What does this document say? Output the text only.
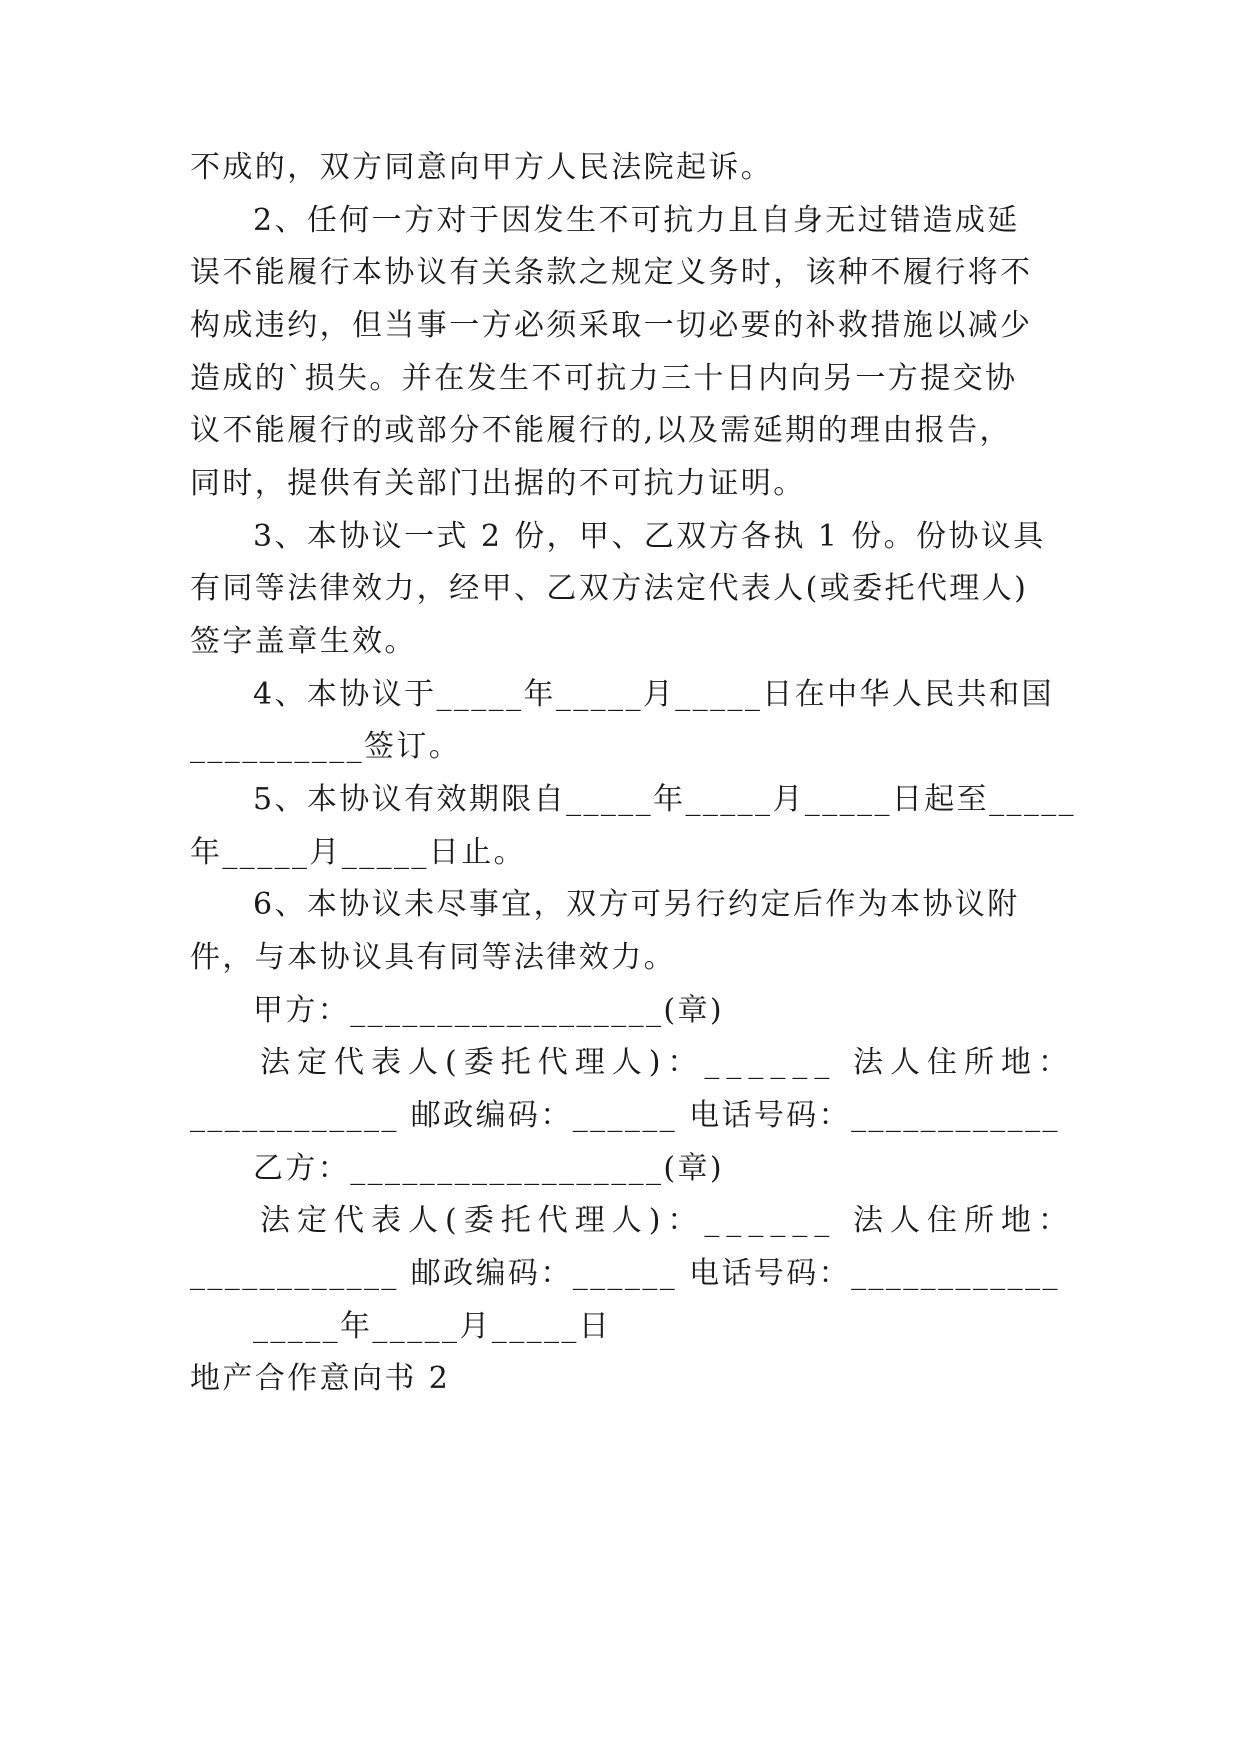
不成的，双方同意向甲方人民法院起诉。
2、任何一方对于因发生不可抗力且自身无过错造成延
误不能履行本协议有关条款之规定义务时，该种不履行将不
构成违约，但当事一方必须采取一切必要的补救措施以减少
造成的`损失。并在发生不可抗力三十日内向另一方提交协
议不能履行的或部分不能履行的,以及需延期的理由报告，
同时，提供有关部门出据的不可抗力证明。
3、本协议一式 2 份，甲、乙双方各执 1 份。份协议具
有同等法律效力，经甲、乙双方法定代表人(或委托代理人)
签字盖章生效。
4、本协议于_____年_____月_____日在中华人民共和国
__________签订。
5、本协议有效期限自_____年_____月_____日起至_____
年_____月_____日止。
6、本协议未尽事宜，双方可另行约定后作为本协议附
件，与本协议具有同等法律效力。
甲方：__________________(章)
法定代表人(委托代理人)：______ 法人住所地：
____________ 邮政编码：______ 电话号码：____________
乙方：__________________(章)
法定代表人(委托代理人)：______ 法人住所地：
____________ 邮政编码：______ 电话号码：____________
_____年_____月_____日
地产合作意向书 2
